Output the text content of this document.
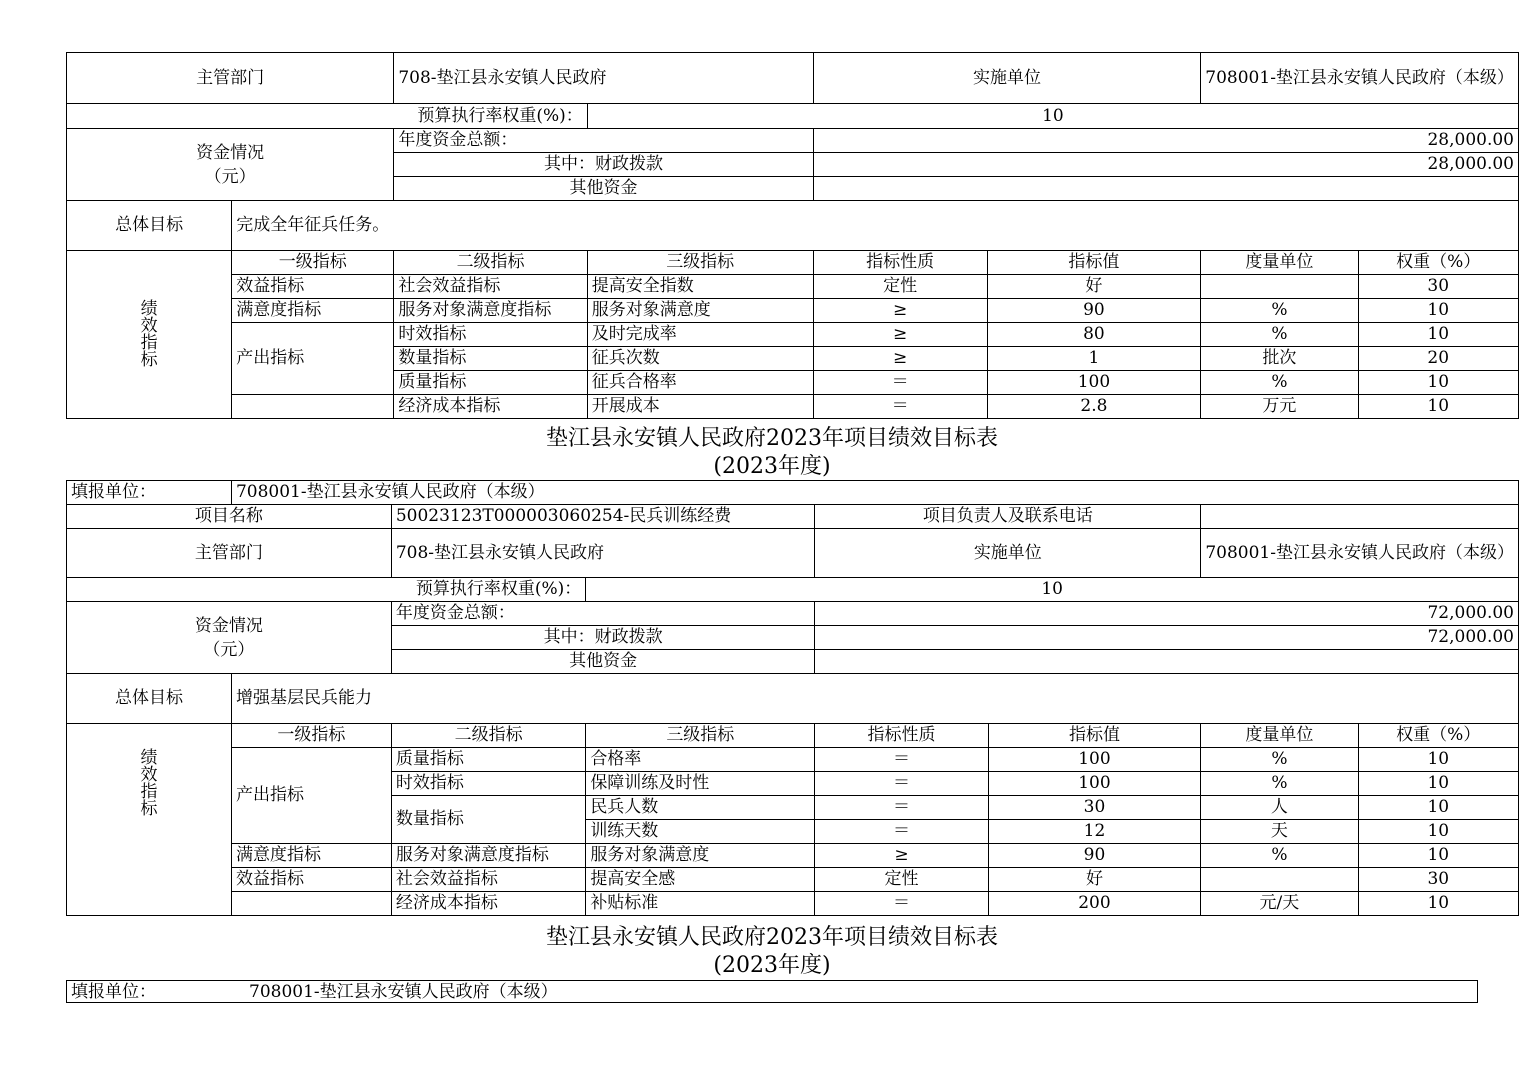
主管部门		708-垫江县永安镇人民政府		实施单位		708001-垫江县永安镇人民政府（本级）	
预算执行率权重(%)：			10				
资金情况
（元）		年度资金总额：		28,000.00			
		其中：财政拨款		28,000.00			
		其他资金					
总体目标	完成全年征兵任务。						
绩
效
指
标	一级指标	二级指标	三级指标	指标性质	指标值	度量单位	权重（%）
	效益指标	社会效益指标	提高安全指数	定性	好		30
	满意度指标	服务对象满意度指标	服务对象满意度	≥	90	%	10
	产出指标	时效指标	及时完成率	≥	80	%	10
		数量指标	征兵次数	≥	1	批次	20
		质量指标	征兵合格率	＝	100	%	10
		经济成本指标	开展成本	＝	2.8	万元	10
垫江县永安镇人民政府2023年项目绩效目标表
(2023年度)
填报单位：	708001-垫江县永安镇人民政府（本级）						
项目名称		50023123T000003060254-民兵训练经费		项目负责人及联系电话			
主管部门		708-垫江县永安镇人民政府		实施单位		708001-垫江县永安镇人民政府（本级）	
预算执行率权重(%)：			10				
资金情况
（元）		年度资金总额：		72,000.00			
		其中：财政拨款		72,000.00			
		其他资金					
总体目标	增强基层民兵能力						
绩
效
指
标	一级指标	二级指标	三级指标	指标性质	指标值	度量单位	权重（%）
	产出指标	质量指标	合格率	＝	100	%	10
		时效指标	保障训练及时性	＝	100	%	10
		数量指标	民兵人数	＝	30	人	10
			训练天数	＝	12	天	10
	满意度指标	服务对象满意度指标	服务对象满意度	≥	90	%	10
	效益指标	社会效益指标	提高安全感	定性	好		30
		经济成本指标	补贴标准	＝	200	元/天	10
垫江县永安镇人民政府2023年项目绩效目标表
(2023年度)
填报单位：	708001-垫江县永安镇人民政府（本级）
